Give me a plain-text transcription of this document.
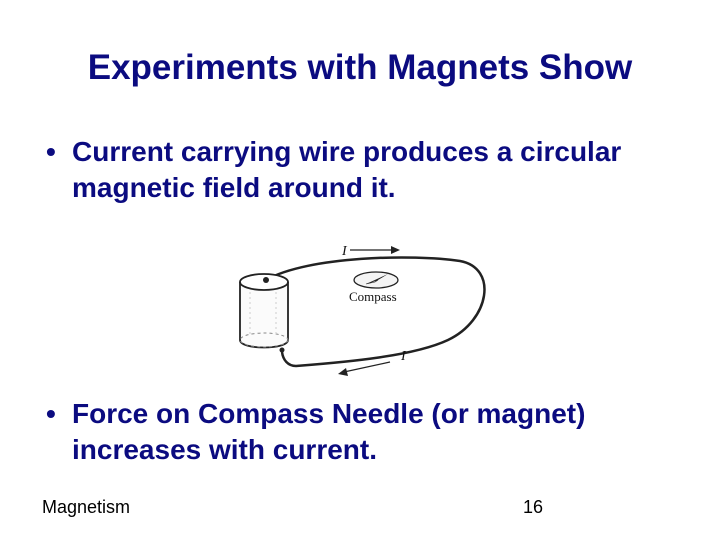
Experiments with Magnets Show
• Current carrying wire produces a circular magnetic field around it.
I
I
Compass
• Force on Compass Needle (or magnet) increases with current.
Magnetism	16
